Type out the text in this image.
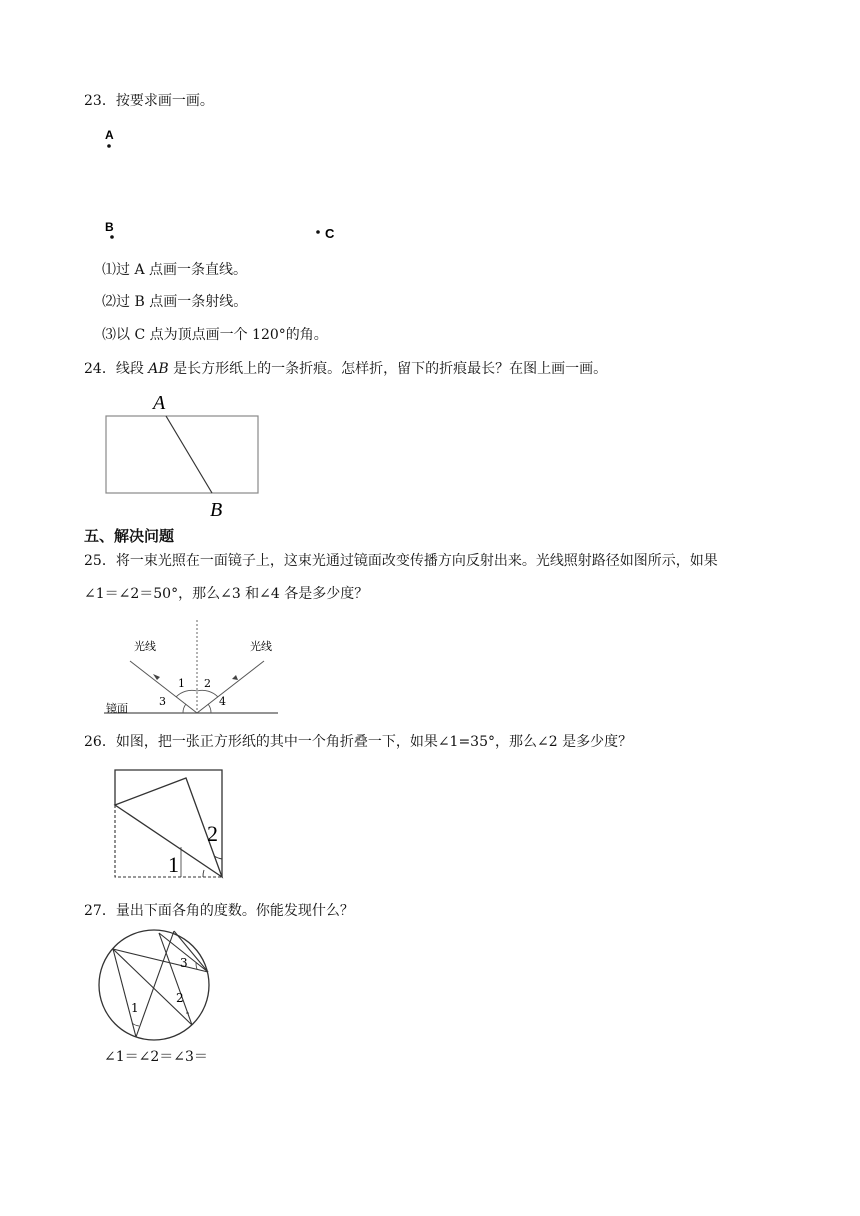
23．按要求画一画。
A
B	C
⑴过 A 点画一条直线。
⑵过 B 点画一条射线。
⑶以 C 点为顶点画一个 120°的角。
24．线段 AB 是长方形纸上的一条折痕。怎样折，留下的折痕最长？在图上画一画。
A
B
五、解决问题
25．将一束光照在一面镜子上，这束光通过镜面改变传播方向反射出来。光线照射路径如图所示，如果
∠1＝∠2＝50°，那么∠3 和∠4 各是多少度？
光线	光线
1 2
3	4
镜面
26．如图，把一张正方形纸的其中一个角折叠一下，如果∠1=35°，那么∠2 是多少度？
1
2
27．量出下面各角的度数。你能发现什么？
1
2
3
∠1＝∠2＝∠3＝
